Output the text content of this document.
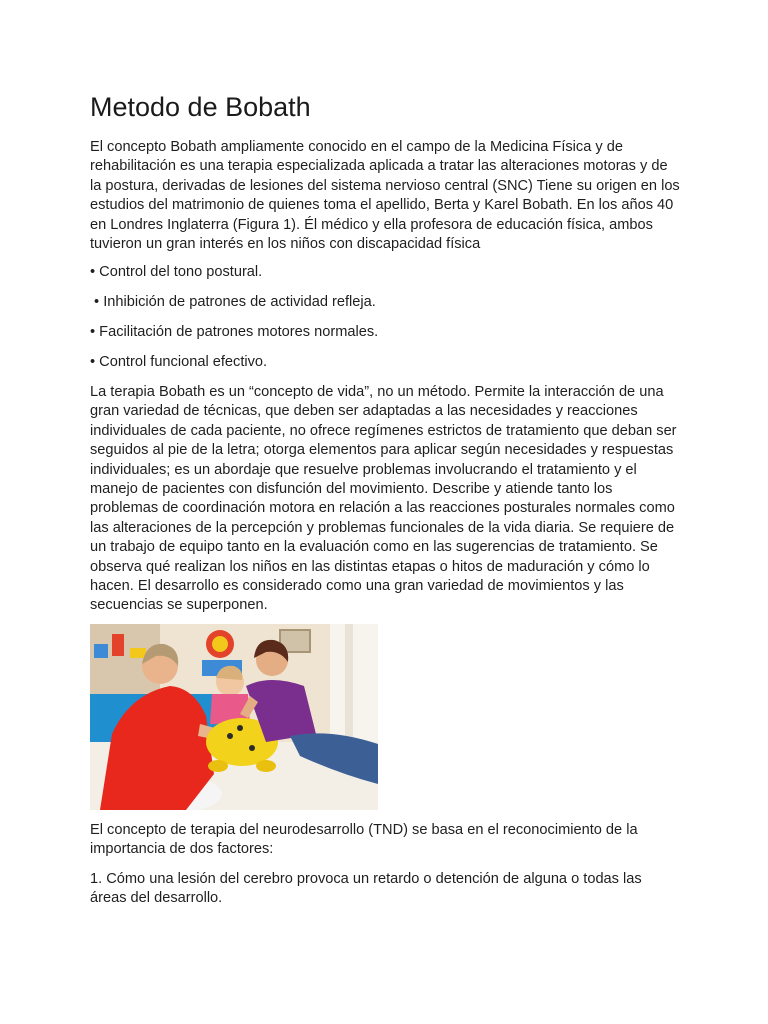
Metodo de Bobath

El concepto Bobath ampliamente conocido en el campo de la Medicina Física y de rehabilitación es una terapia especializada aplicada a tratar las alteraciones motoras y de la postura, derivadas de lesiones del sistema nervioso central (SNC) Tiene su origen en los estudios del matrimonio de quienes toma el apellido, Berta y Karel Bobath. En los años 40 en Londres Inglaterra (Figura 1). Él médico y ella profesora de educación física, ambos tuvieron un gran interés en los niños con discapacidad física

• Control del tono postural.

• Inhibición de patrones de actividad refleja.

• Facilitación de patrones motores normales.

• Control funcional efectivo.

La terapia Bobath es un “concepto de vida”, no un método. Permite la interacción de una gran variedad de técnicas, que deben ser adaptadas a las necesidades y reacciones individuales de cada paciente, no ofrece regímenes estrictos de tratamiento que deban ser seguidos al pie de la letra; otorga elementos para aplicar según necesidades y respuestas individuales; es un abordaje que resuelve problemas involucrando el tratamiento y el manejo de pacientes con disfunción del movimiento. Describe y atiende tanto los problemas de coordinación motora en relación a las reacciones posturales normales como las alteraciones de la percepción y problemas funcionales de la vida diaria. Se requiere de un trabajo de equipo tanto en la evaluación como en las sugerencias de tratamiento. Se observa qué realizan los niños en las distintas etapas o hitos de maduración y cómo lo hacen. El desarrollo es considerado como una gran variedad de movimientos y las secuencias se superponen.

El concepto de terapia del neurodesarrollo (TND) se basa en el reconocimiento de la importancia de dos factores:

1. Cómo una lesión del cerebro provoca un retardo o detención de alguna o todas las áreas del desarrollo.
